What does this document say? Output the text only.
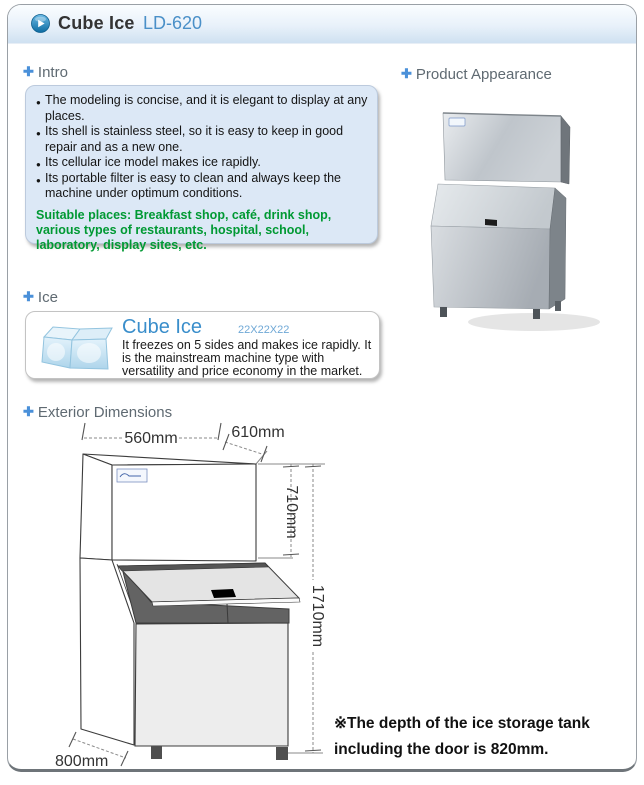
Cube Ice LD-620
✚ Intro
● The modeling is concise, and it is elegant to display at any places.
● Its shell is stainless steel, so it is easy to keep in good repair and as a new one.
● Its cellular ice model makes ice rapidly.
● Its portable filter is easy to clean and always keep the machine under optimum conditions.
Suitable places: Breakfast shop, café, drink shop, various types of restaurants, hospital, school, laboratory, display sites, etc.
✚ Product Appearance
✚ Ice
Cube Ice	22X22X22
It freezes on 5 sides and makes ice rapidly. It is the mainstream machine type with versatility and price economy in the market.
✚ Exterior Dimensions
560mm	610mm
710mm
1710mm
800mm
※The depth of the ice storage tank including the door is 820mm.
